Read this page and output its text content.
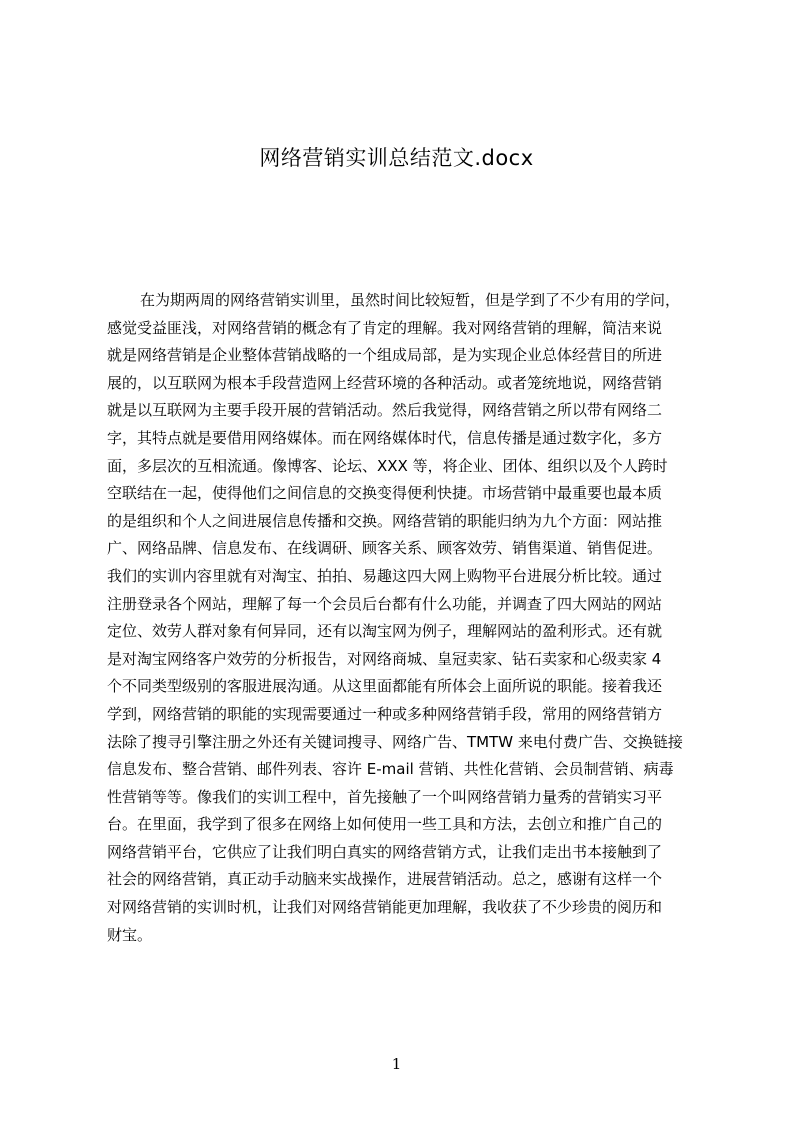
网络营销实训总结范文.docx
在为期两周的网络营销实训里，虽然时间比较短暂，但是学到了不少有用的学问，
感觉受益匪浅，对网络营销的概念有了肯定的理解。我对网络营销的理解，简洁来说
就是网络营销是企业整体营销战略的一个组成局部，是为实现企业总体经营目的所进
展的，以互联网为根本手段营造网上经营环境的各种活动。或者笼统地说，网络营销
就是以互联网为主要手段开展的营销活动。然后我觉得，网络营销之所以带有网络二
字，其特点就是要借用网络媒体。而在网络媒体时代，信息传播是通过数字化，多方
面，多层次的互相流通。像博客、论坛、XXX 等，将企业、团体、组织以及个人跨时
空联结在一起，使得他们之间信息的交换变得便利快捷。市场营销中最重要也最本质
的是组织和个人之间进展信息传播和交换。网络营销的职能归纳为九个方面：网站推
广、网络品牌、信息发布、在线调研、顾客关系、顾客效劳、销售渠道、销售促进。
我们的实训内容里就有对淘宝、拍拍、易趣这四大网上购物平台进展分析比较。通过
注册登录各个网站，理解了每一个会员后台都有什么功能，并调查了四大网站的网站
定位、效劳人群对象有何异同，还有以淘宝网为例子，理解网站的盈利形式。还有就
是对淘宝网络客户效劳的分析报告，对网络商城、皇冠卖家、钻石卖家和心级卖家 4
个不同类型级别的客服进展沟通。从这里面都能有所体会上面所说的职能。接着我还
学到，网络营销的职能的实现需要通过一种或多种网络营销手段，常用的网络营销方
法除了搜寻引擎注册之外还有关键词搜寻、网络广告、TMTW 来电付费广告、交换链接
信息发布、整合营销、邮件列表、容许 E-mail 营销、共性化营销、会员制营销、病毒
性营销等等。像我们的实训工程中，首先接触了一个叫网络营销力量秀的营销实习平
台。在里面，我学到了很多在网络上如何使用一些工具和方法，去创立和推广自己的
网络营销平台，它供应了让我们明白真实的网络营销方式，让我们走出书本接触到了
社会的网络营销，真正动手动脑来实战操作，进展营销活动。总之，感谢有这样一个
对网络营销的实训时机，让我们对网络营销能更加理解，我收获了不少珍贵的阅历和
财宝。
1
